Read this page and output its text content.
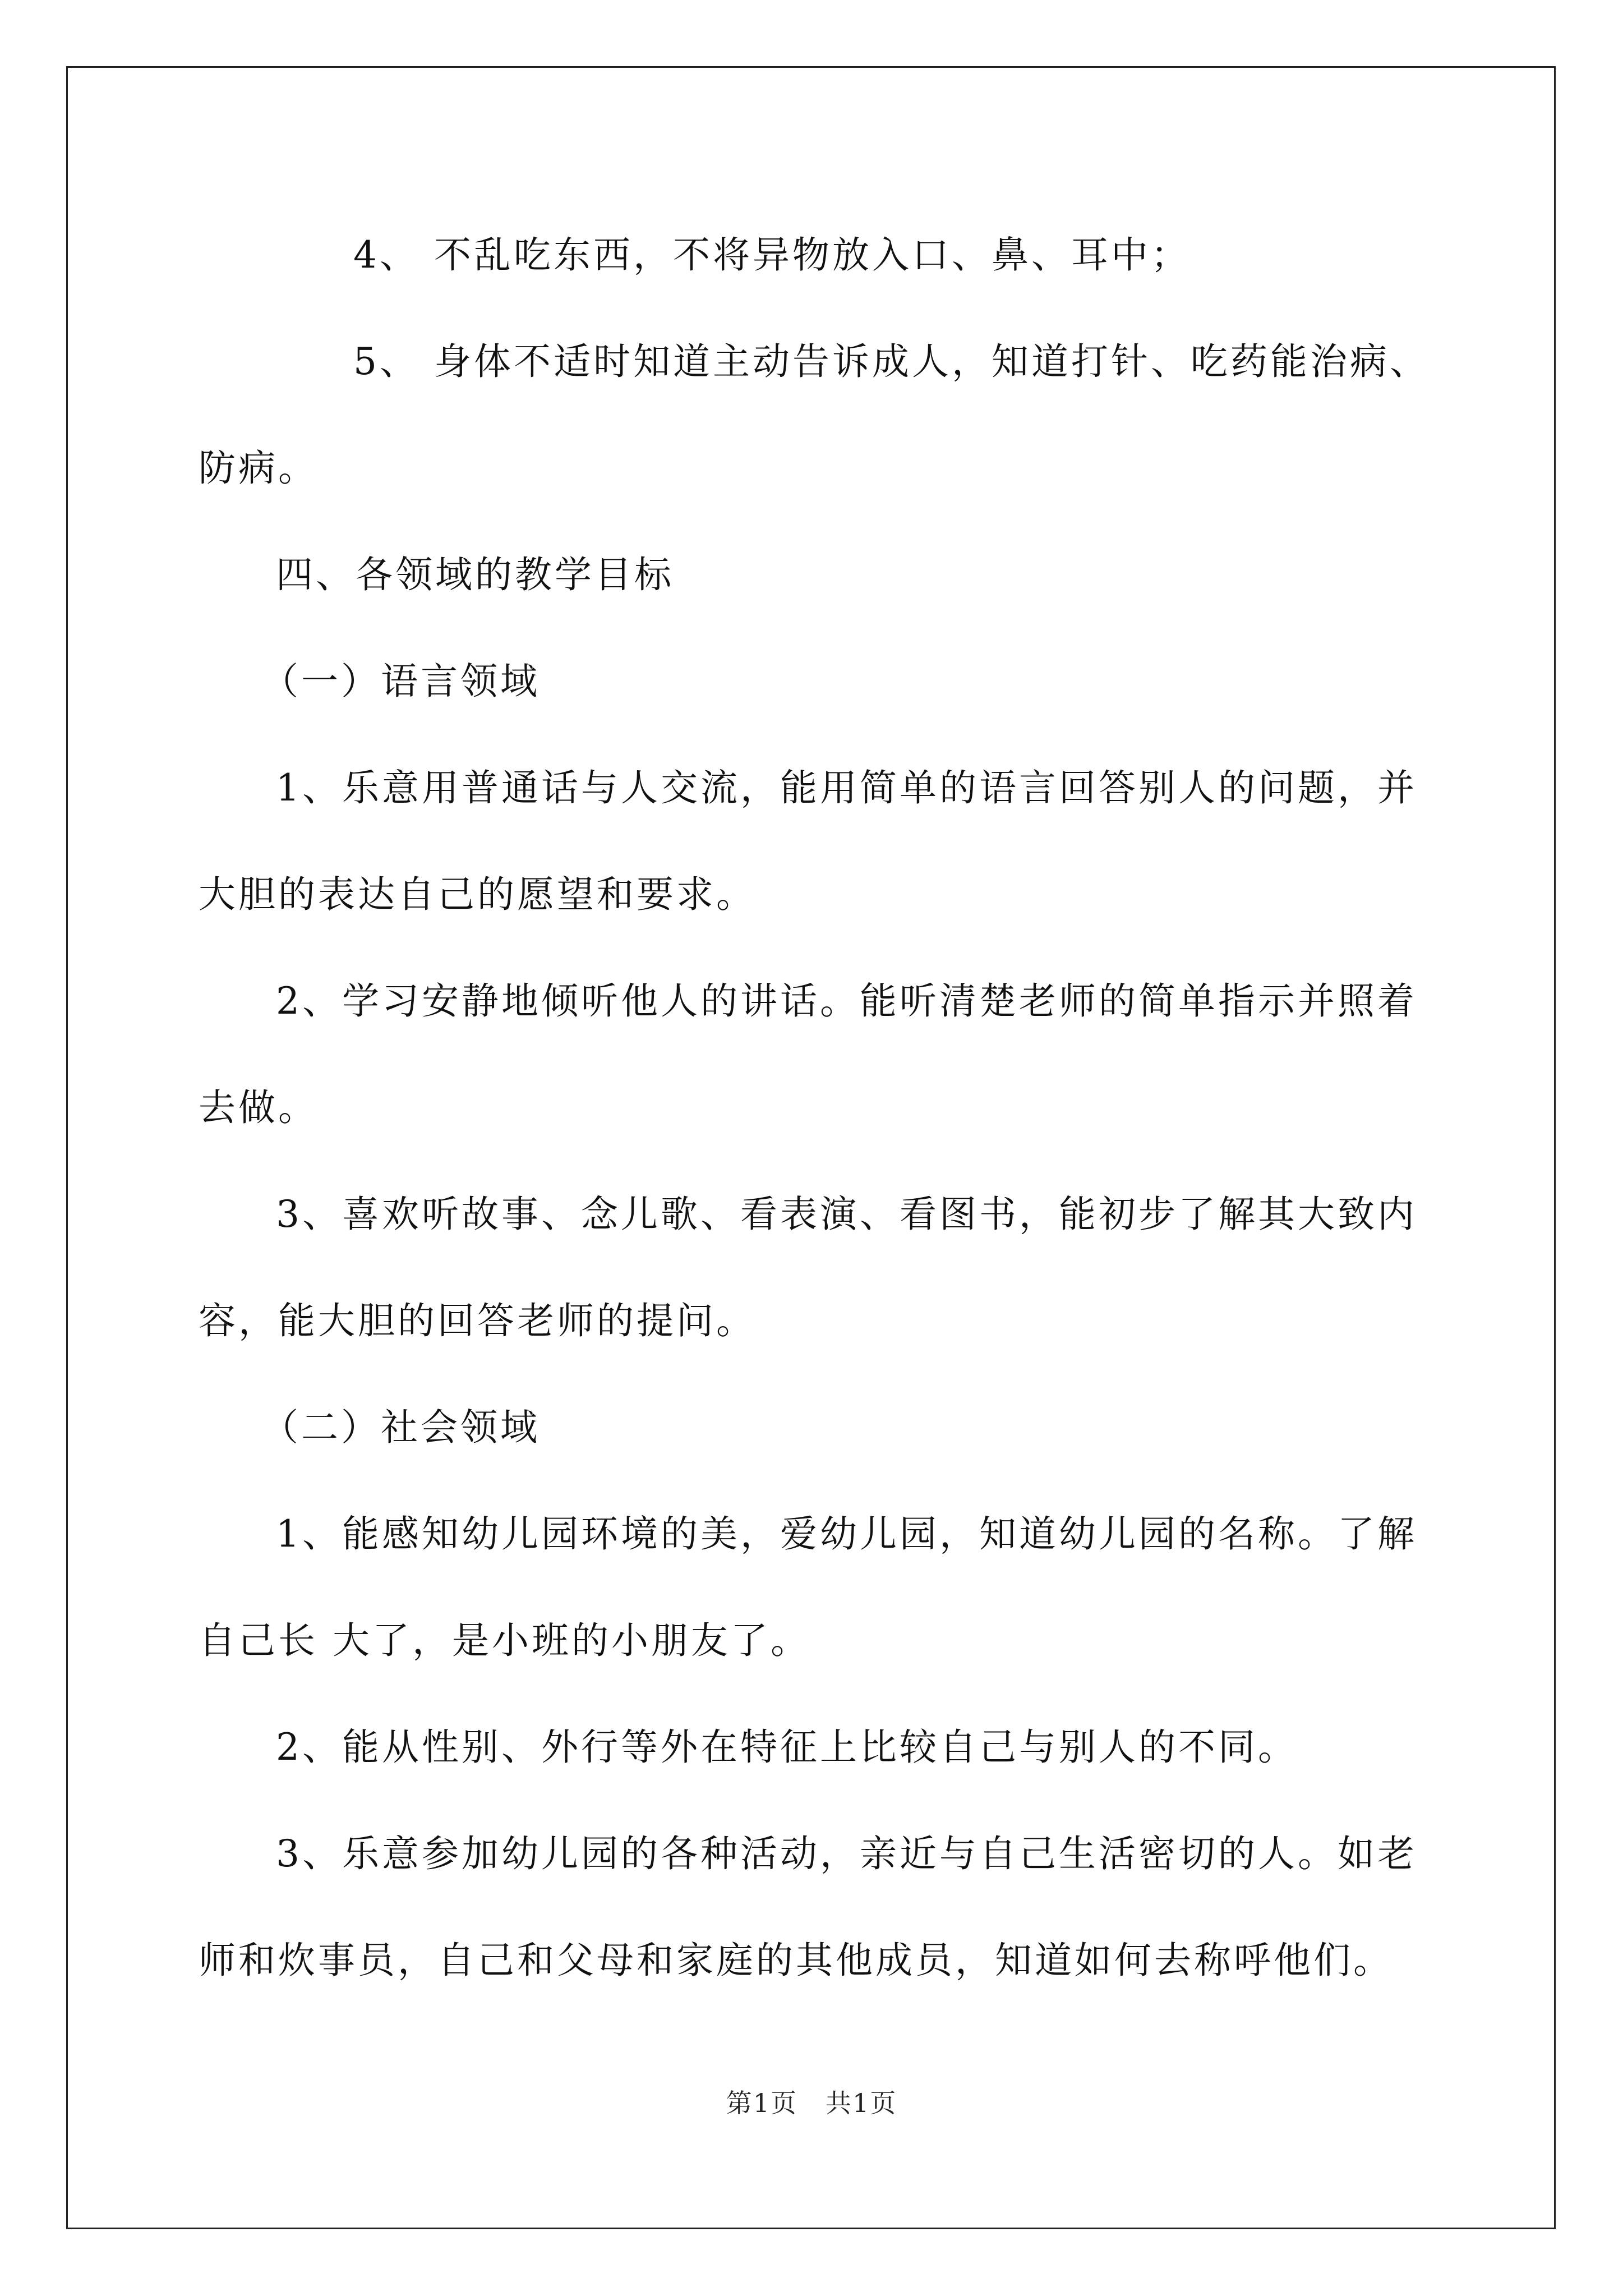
4、 不乱吃东西，不将异物放入口、鼻、耳中；

5、 身体不适时知道主动告诉成人，知道打针、吃药能治病、防病。

四、各领域的教学目标

（一）语言领域

1、乐意用普通话与人交流，能用简单的语言回答别人的问题，并大胆的表达自己的愿望和要求。

2、学习安静地倾听他人的讲话。能听清楚老师的简单指示并照着去做。

3、喜欢听故事、念儿歌、看表演、看图书，能初步了解其大致内容，能大胆的回答老师的提问。

（二）社会领域

1、能感知幼儿园环境的美，爱幼儿园，知道幼儿园的名称。了解自己长 大了，是小班的小朋友了。

2、能从性别、外行等外在特征上比较自己与别人的不同。

3、乐意参加幼儿园的各种活动，亲近与自己生活密切的人。如老师和炊事员，自己和父母和家庭的其他成员，知道如何去称呼他们。

第1页 共1页
